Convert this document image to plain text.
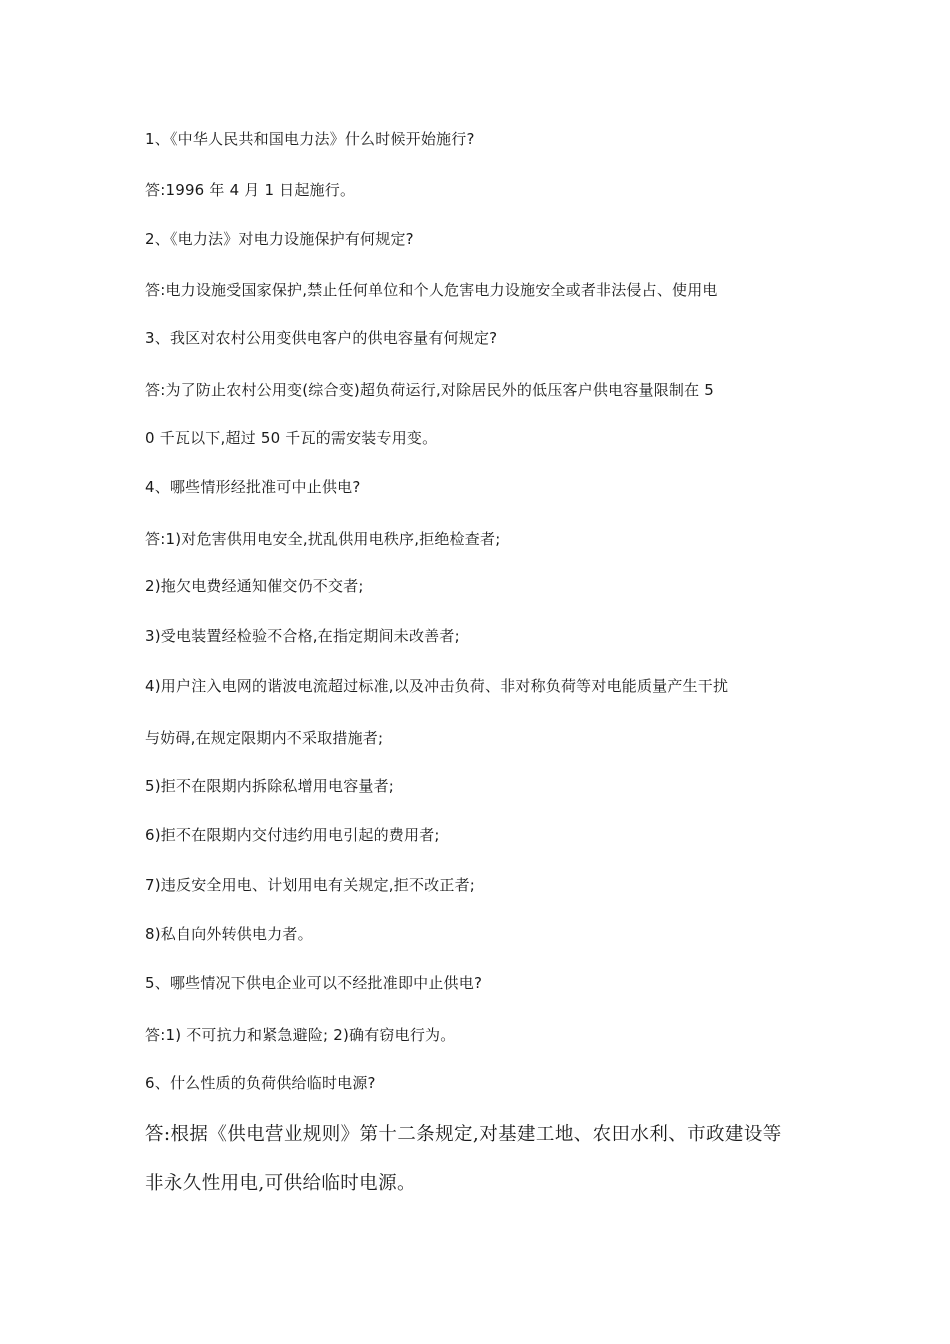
1、《中华人民共和国电力法》什么时候开始施行?
答:1996 年 4 月 1 日起施行。
2、《电力法》对电力设施保护有何规定?
答:电力设施受国家保护,禁止任何单位和个人危害电力设施安全或者非法侵占、使用电
3、我区对农村公用变供电客户的供电容量有何规定?
答:为了防止农村公用变(综合变)超负荷运行,对除居民外的低压客户供电容量限制在 5
0 千瓦以下,超过 50 千瓦的需安装专用变。
4、哪些情形经批准可中止供电?
答:1)对危害供用电安全,扰乱供用电秩序,拒绝检查者;
2)拖欠电费经通知催交仍不交者;
3)受电装置经检验不合格,在指定期间未改善者;
4)用户注入电网的谐波电流超过标准,以及冲击负荷、非对称负荷等对电能质量产生干扰
与妨碍,在规定限期内不采取措施者;
5)拒不在限期内拆除私增用电容量者;
6)拒不在限期内交付违约用电引起的费用者;
7)违反安全用电、计划用电有关规定,拒不改正者;
8)私自向外转供电力者。
5、哪些情况下供电企业可以不经批准即中止供电?
答:1) 不可抗力和紧急避险; 2)确有窃电行为。
6、什么性质的负荷供给临时电源?
答:根据《供电营业规则》第十二条规定,对基建工地、农田水利、市政建设等
非永久性用电,可供给临时电源。
